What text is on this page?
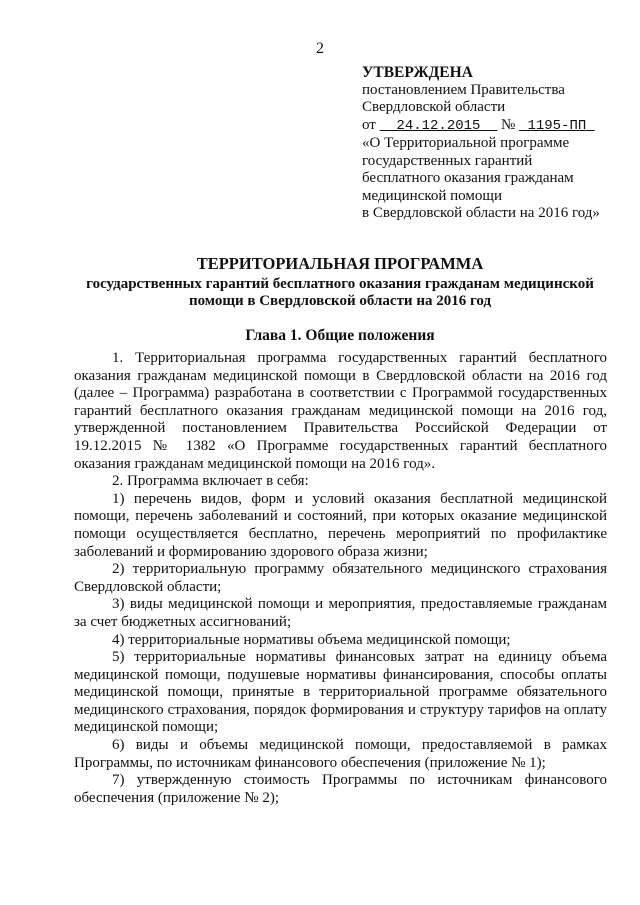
2
УТВЕРЖДЕНА
постановлением Правительства
Свердловской области
от 24.12.2015 № 1195-ПП
«О Территориальной программе
государственных гарантий
бесплатного оказания гражданам
медицинской помощи
в Свердловской области на 2016 год»
ТЕРРИТОРИАЛЬНАЯ ПРОГРАММА
государственных гарантий бесплатного оказания гражданам медицинской помощи в Свердловской области на 2016 год
Глава 1. Общие положения

1. Территориальная программа государственных гарантий бесплатного оказания гражданам медицинской помощи в Свердловской области на 2016 год (далее – Программа) разработана в соответствии с Программой государственных гарантий бесплатного оказания гражданам медицинской помощи на 2016 год, утвержденной постановлением Правительства Российской Федерации от 19.12.2015 № 1382 «О Программе государственных гарантий бесплатного оказания гражданам медицинской помощи на 2016 год».

2. Программа включает в себя:

1) перечень видов, форм и условий оказания бесплатной медицинской помощи, перечень заболеваний и состояний, при которых оказание медицинской помощи осуществляется бесплатно, перечень мероприятий по профилактике заболеваний и формированию здорового образа жизни;

2) территориальную программу обязательного медицинского страхования Свердловской области;

3) виды медицинской помощи и мероприятия, предоставляемые гражданам за счет бюджетных ассигнований;

4) территориальные нормативы объема медицинской помощи;

5) территориальные нормативы финансовых затрат на единицу объема медицинской помощи, подушевые нормативы финансирования, способы оплаты медицинской помощи, принятые в территориальной программе обязательного медицинского страхования, порядок формирования и структуру тарифов на оплату медицинской помощи;

6) виды и объемы медицинской помощи, предоставляемой в рамках Программы, по источникам финансового обеспечения (приложение № 1);

7) утвержденную стоимость Программы по источникам финансового обеспечения (приложение № 2);
